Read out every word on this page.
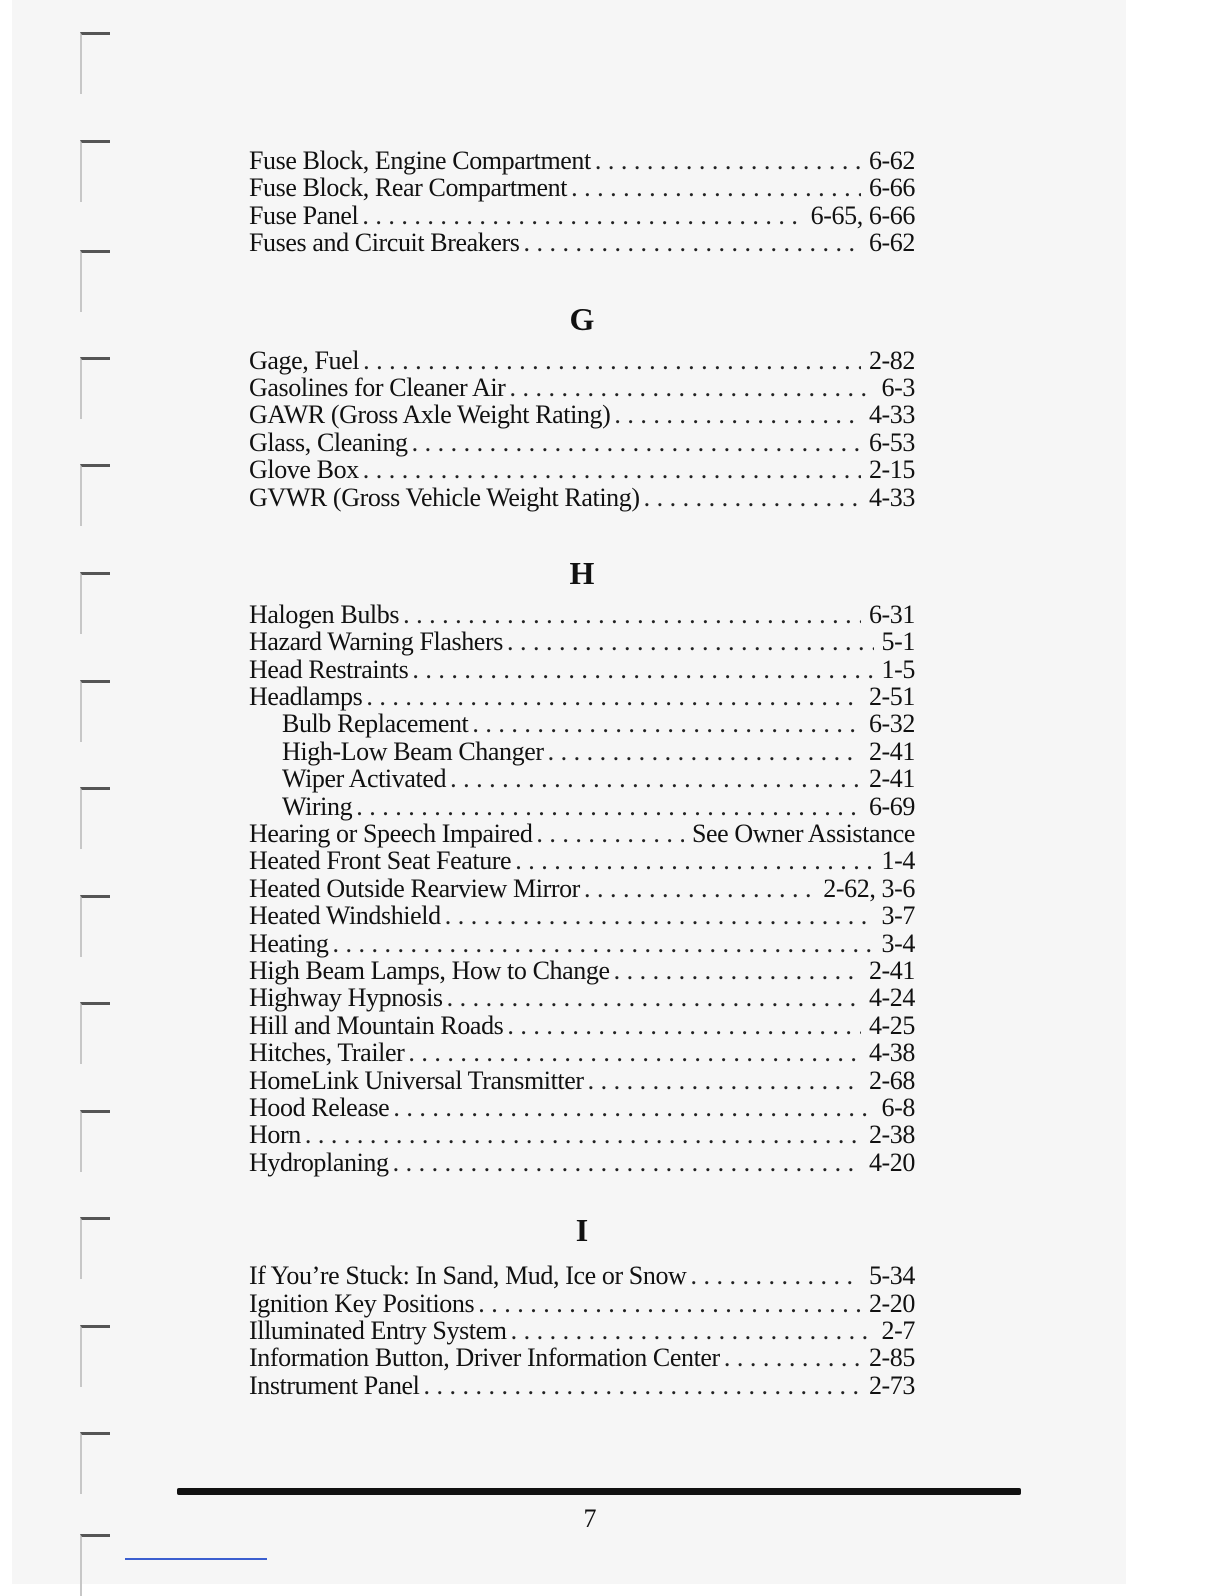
Fuse Block, Engine Compartment . . .	6-62
Fuse Block, Rear Compartment . . .	6-66
Fuse Panel . . .	6-65, 6-66
Fuses and Circuit Breakers . . .	6-62
G
Gage, Fuel . . .	2-82
Gasolines for Cleaner Air . . .	6-3
GAWR (Gross Axle Weight Rating) . . .	4-33
Glass, Cleaning . . .	6-53
Glove Box . . .	2-15
GVWR (Gross Vehicle Weight Rating) . . .	4-33
H
Halogen Bulbs . . .	6-31
Hazard Warning Flashers . . .	5-1
Head Restraints . . .	1-5
Headlamps . . .	2-51
Bulb Replacement . . .	6-32
High-Low Beam Changer . . .	2-41
Wiper Activated . . .	2-41
Wiring . . .	6-69
Hearing or Speech Impaired . . .	See Owner Assistance
Heated Front Seat Feature . . .	1-4
Heated Outside Rearview Mirror . . .	2-62, 3-6
Heated Windshield . . .	3-7
Heating . . .	3-4
High Beam Lamps, How to Change . . .	2-41
Highway Hypnosis . . .	4-24
Hill and Mountain Roads . . .	4-25
Hitches, Trailer . . .	4-38
HomeLink Universal Transmitter . . .	2-68
Hood Release . . .	6-8
Horn . . .	2-38
Hydroplaning . . .	4-20
I
If You’re Stuck: In Sand, Mud, Ice or Snow . . .	5-34
Ignition Key Positions . . .	2-20
Illuminated Entry System . . .	2-7
Information Button, Driver Information Center . . .	2-85
Instrument Panel . . .	2-73
7
